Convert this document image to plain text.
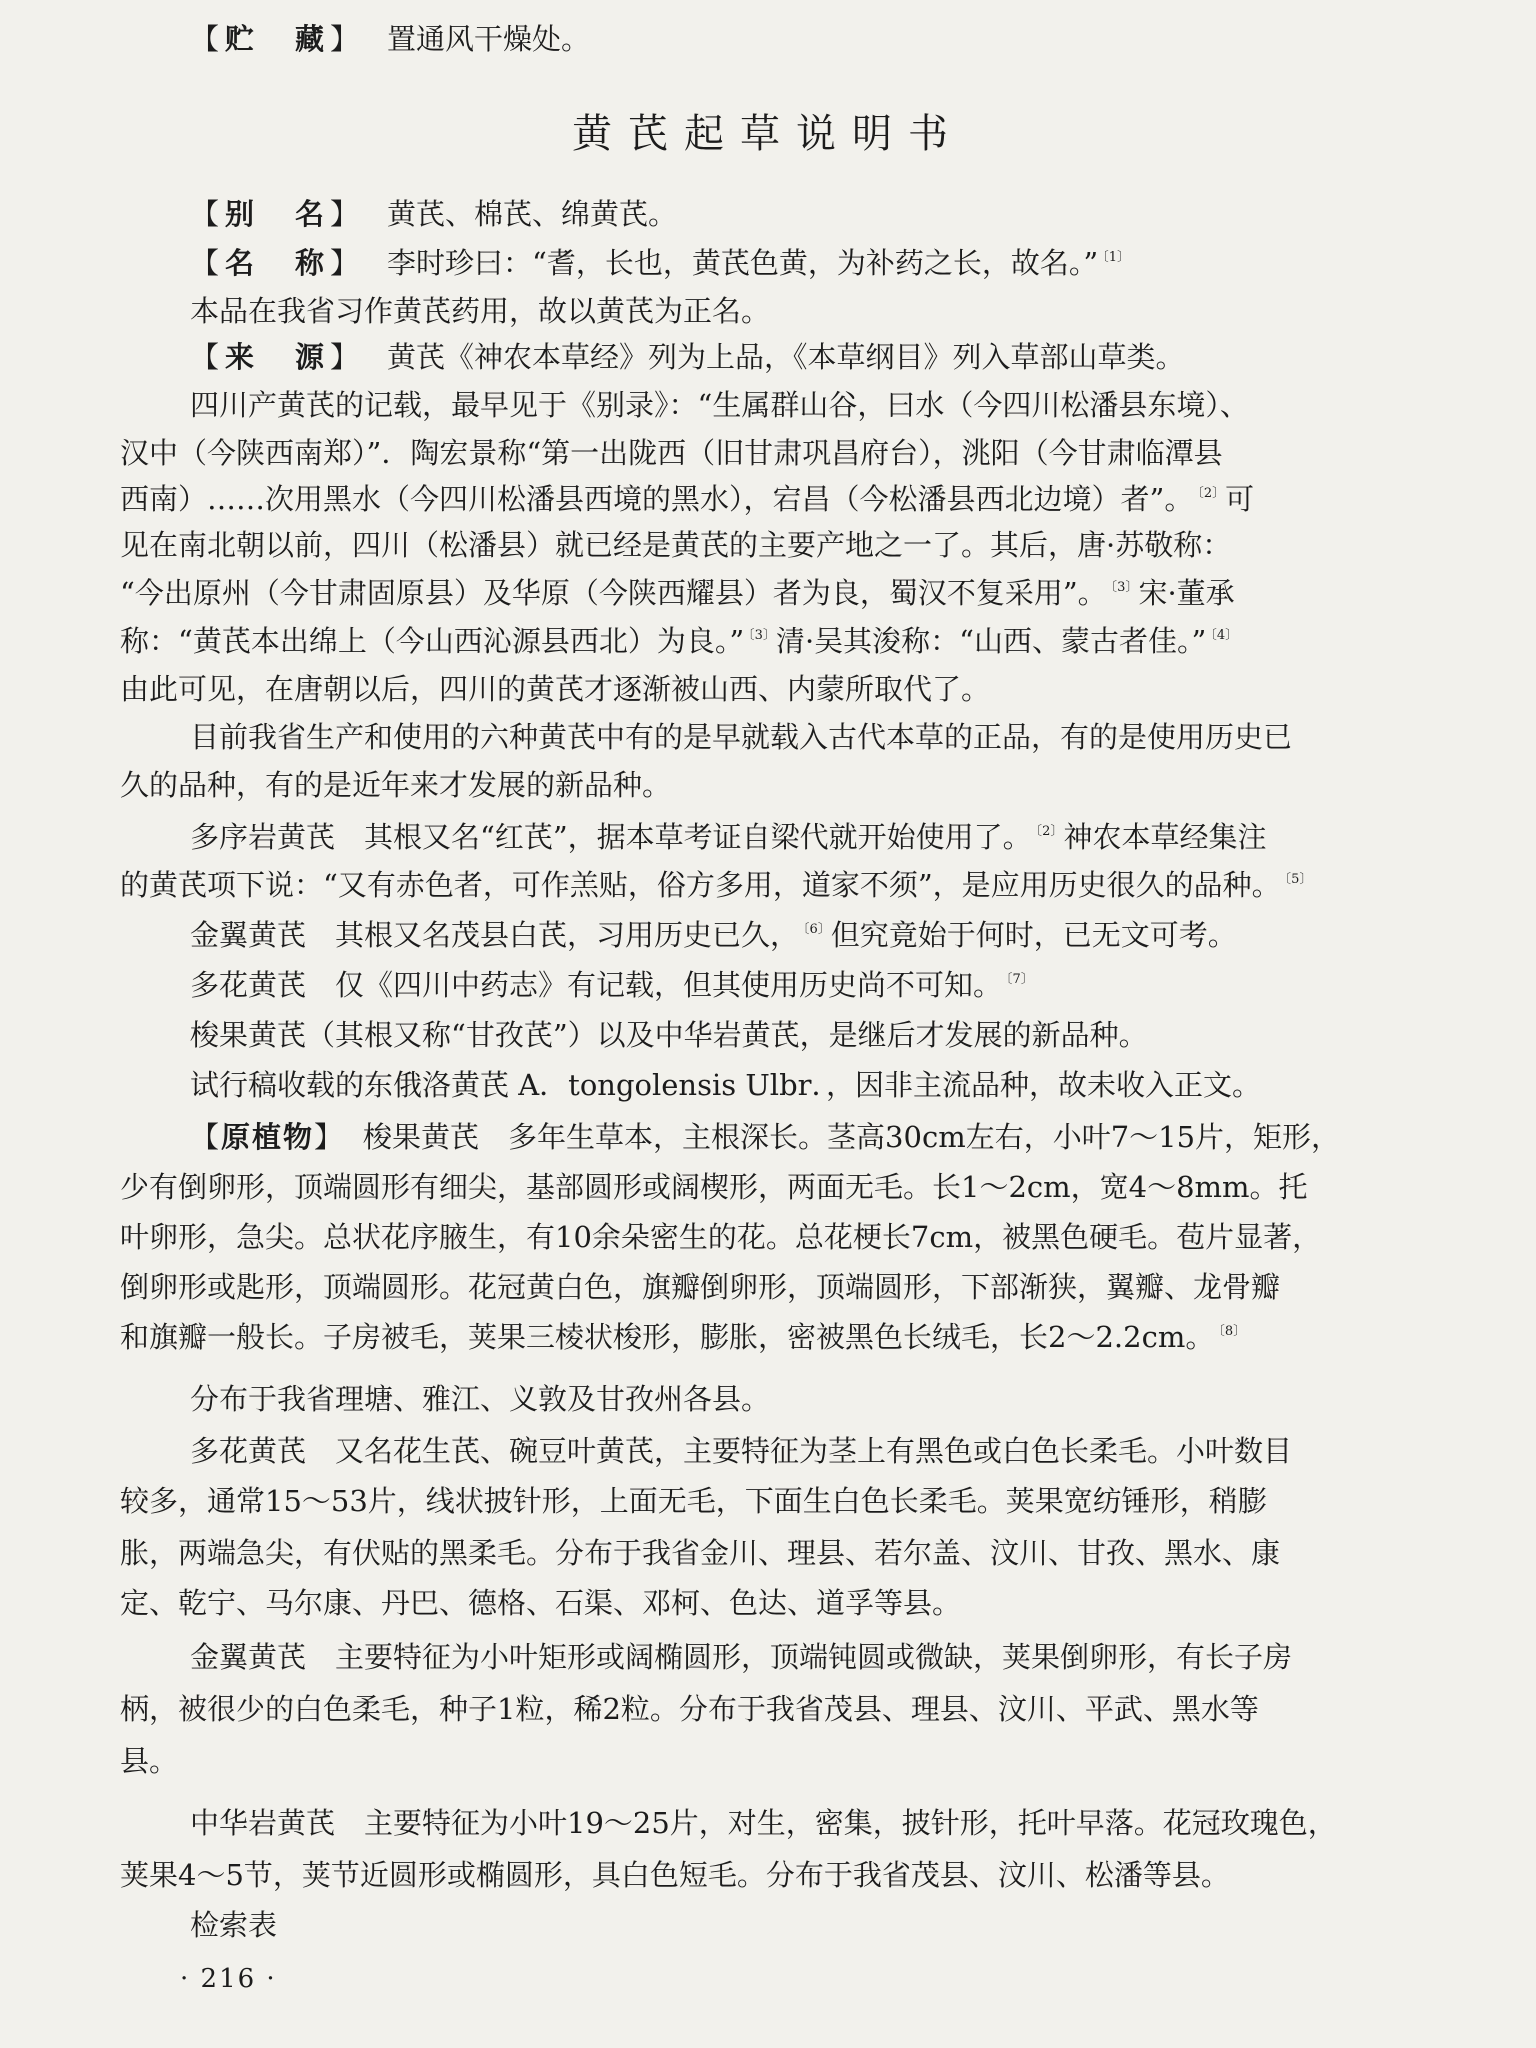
【贮　藏】 置通风干燥处。
黄芪起草说明书
【别　名】 黄芪、棉芪、绵黄芪。
【名　称】 李时珍曰：“耆，长也，黄芪色黄，为补药之长，故名。” $^{〔1〕}$
本品在我省习作黄芪药用，故以黄芪为正名。
【来　源】 黄芪《神农本草经》列为上品，《本草纲目》列入草部山草类。
四川产黄芪的记载，最早见于《别录》：“生属群山谷，曰水（今四川松潘县东境）、
汉中（今陕西南郑）”．陶宏景称“第一出陇西（旧甘肃巩昌府台），洮阳（今甘肃临潭县
西南）……次用黑水（今四川松潘县西境的黑水），宕昌（今松潘县西北边境）者”。 $^{〔2〕}$可
见在南北朝以前，四川（松潘县）就已经是黄芪的主要产地之一了。其后，唐·苏敬称：
“今出原州（今甘肃固原县）及华原（今陕西耀县）者为良，蜀汉不复采用”。 $^{〔3〕}$宋·董承
称：“黄芪本出绵上（今山西沁源县西北）为良。” $^{〔3〕}$清·吴其浚称：“山西、蒙古者佳。” $^{〔4〕}$
由此可见，在唐朝以后，四川的黄芪才逐渐被山西、内蒙所取代了。
目前我省生产和使用的六种黄芪中有的是早就载入古代本草的正品，有的是使用历史已
久的品种，有的是近年来才发展的新品种。
多序岩黄芪　其根又名“红芪”，据本草考证自梁代就开始使用了。 $^{〔2〕}$神农本草经集注
的黄芪项下说：“又有赤色者，可作羔贴，俗方多用，道家不须”，是应用历史很久的品种。 $^{〔5〕}$
金翼黄芪　其根又名茂县白芪，习用历史已久， $^{〔6〕}$但究竟始于何时，已无文可考。
多花黄芪　仅《四川中药志》有记载，但其使用历史尚不可知。 $^{〔7〕}$
梭果黄芪（其根又称“甘孜芪”）以及中华岩黄芪，是继后才发展的新品种。
试行稿收载的东俄洛黄芪 A．tongolensis Ulbr．，因非主流品种，故未收入正文。
【原植物】 梭果黄芪　多年生草本，主根深长。茎高30cm左右，小叶7～15片，矩形，
少有倒卵形，顶端圆形有细尖，基部圆形或阔楔形，两面无毛。长1～2cm，宽4～8mm。托
叶卵形，急尖。总状花序腋生，有10余朵密生的花。总花梗长7cm，被黑色硬毛。苞片显著，
倒卵形或匙形，顶端圆形。花冠黄白色，旗瓣倒卵形，顶端圆形，下部渐狭，翼瓣、龙骨瓣
和旗瓣一般长。子房被毛，荚果三棱状梭形，膨胀，密被黑色长绒毛，长2～2.2cm。 $^{〔8〕}$
分布于我省理塘、雅江、义敦及甘孜州各县。
多花黄芪　又名花生芪、碗豆叶黄芪，主要特征为茎上有黑色或白色长柔毛。小叶数目
较多，通常15～53片，线状披针形，上面无毛，下面生白色长柔毛。荚果宽纺锤形，稍膨
胀，两端急尖，有伏贴的黑柔毛。分布于我省金川、理县、若尔盖、汶川、甘孜、黑水、康
定、乾宁、马尔康、丹巴、德格、石渠、邓柯、色达、道孚等县。
金翼黄芪　主要特征为小叶矩形或阔椭圆形，顶端钝圆或微缺，荚果倒卵形，有长子房
柄，被很少的白色柔毛，种子1粒，稀2粒。分布于我省茂县、理县、汶川、平武、黑水等
县。
中华岩黄芪　主要特征为小叶19～25片，对生，密集，披针形，托叶早落。花冠玫瑰色，
荚果4～5节，荚节近圆形或椭圆形，具白色短毛。分布于我省茂县、汶川、松潘等县。
检索表
· 216 ·
